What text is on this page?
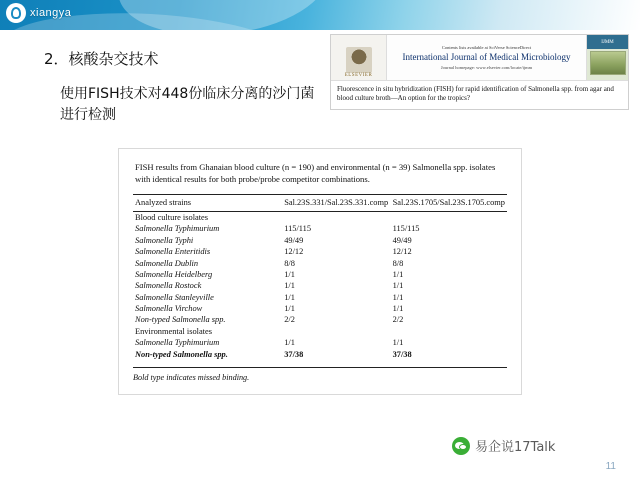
xiangya
2．核酸杂交技术
使用FISH技术对448份临床分离的沙门菌进行检测
ELSEVIER
Contents lists available at SciVerse ScienceDirect
International Journal of Medical Microbiology
Journal homepage: www.elsevier.com/locate/ijmm
IJMM
Fluorescence in situ hybridization (FISH) for rapid identification of Salmonella spp. from agar and blood culture broth—An option for the tropics?
FISH results from Ghanaian blood culture (n = 190) and environmental (n = 39) Salmonella spp. isolates with identical results for both probe/probe competitor combinations.
Analyzed strains	Sal.23S.331/Sal.23S.331.comp	Sal.23S.1705/Sal.23S.1705.comp
Blood culture isolates		
Salmonella Typhimurium	115/115	115/115
Salmonella Typhi	49/49	49/49
Salmonella Enteritidis	12/12	12/12
Salmonella Dublin	8/8	8/8
Salmonella Heidelberg	1/1	1/1
Salmonella Rostock	1/1	1/1
Salmonella Stanleyville	1/1	1/1
Salmonella Virchow	1/1	1/1
Non-typed Salmonella spp.	2/2	2/2
Environmental isolates		
Salmonella Typhimurium	1/1	1/1
Non-typed Salmonella spp.	37/38	37/38
Bold type indicates missed binding.
易企说17Talk
11
